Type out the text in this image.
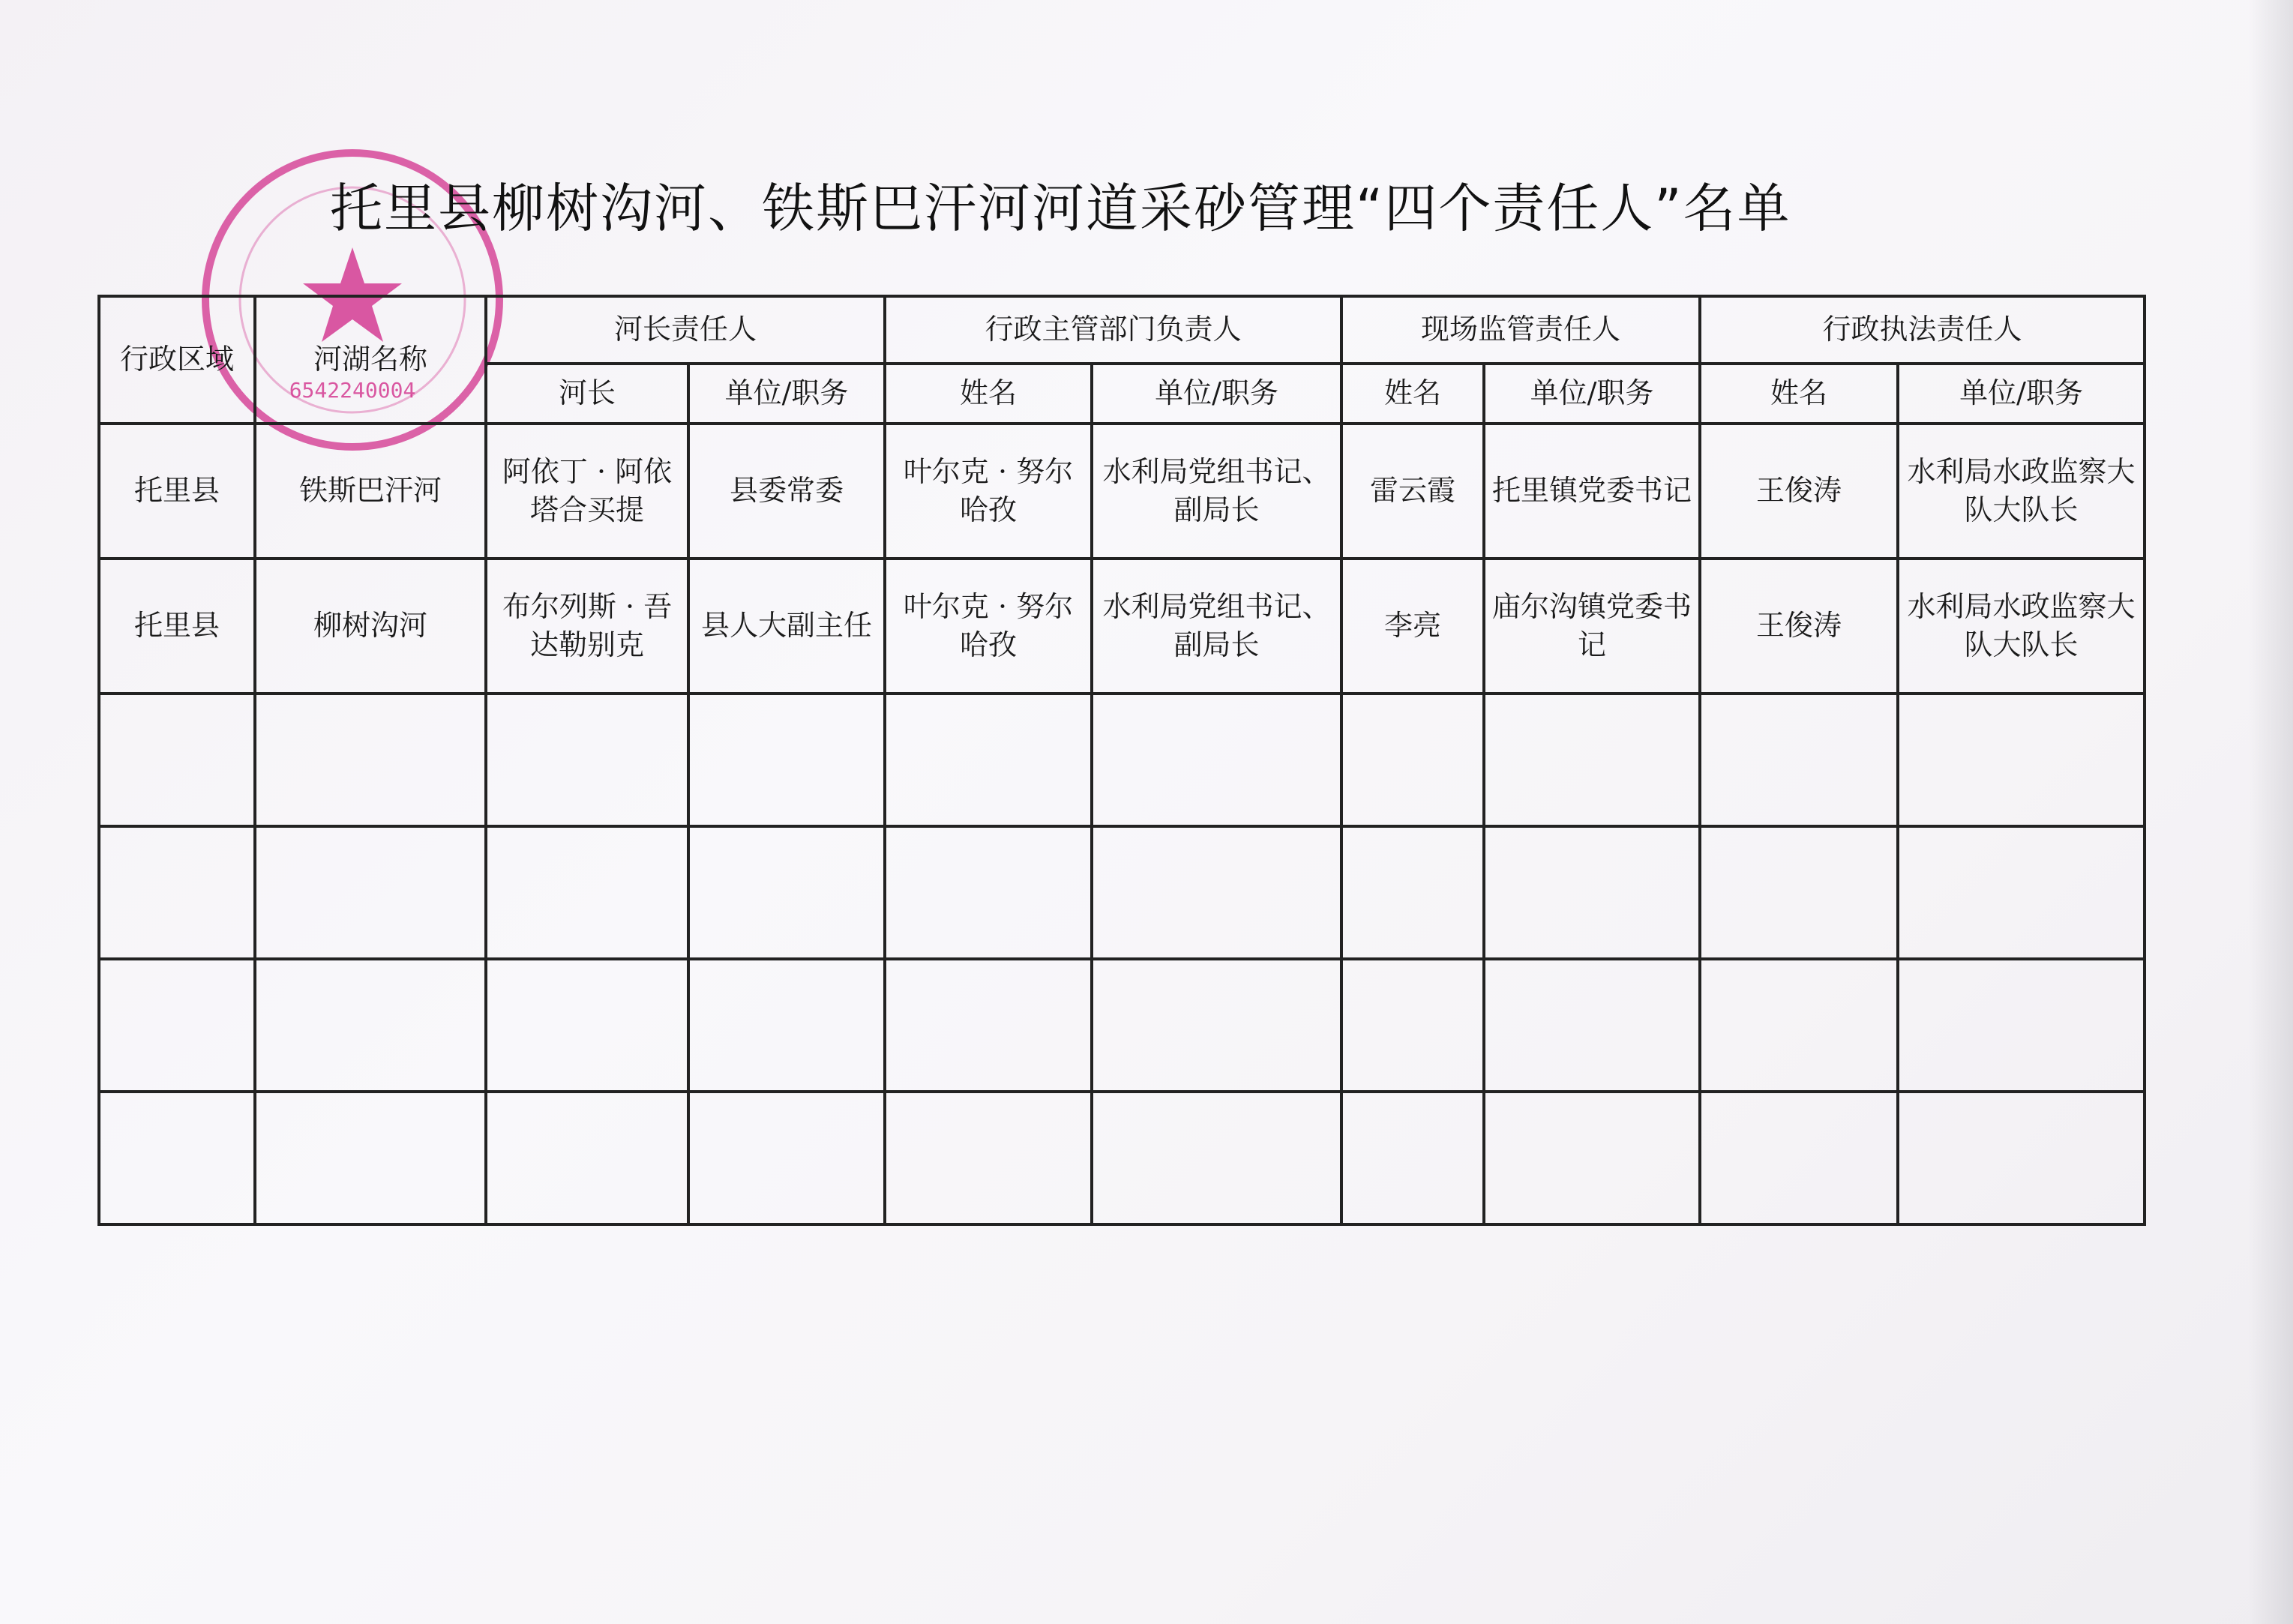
6542240004
托里县柳树沟河、铁斯巴汗河河道采砂管理“四个责任人”名单
行政区域	河湖名称	河长责任人		行政主管部门负责人		现场监管责任人		行政执法责任人	
		河长	单位/职务	姓名	单位/职务	姓名	单位/职务	姓名	单位/职务
托里县	铁斯巴汗河	阿依丁 · 阿依塔合买提	县委常委	叶尔克 · 努尔哈孜	水利局党组书记、副局长	雷云霞	托里镇党委书记	王俊涛	水利局水政监察大队大队长
托里县	柳树沟河	布尔列斯 · 吾达勒别克	县人大副主任	叶尔克 · 努尔哈孜	水利局党组书记、副局长	李亮	庙尔沟镇党委书记	王俊涛	水利局水政监察大队大队长
